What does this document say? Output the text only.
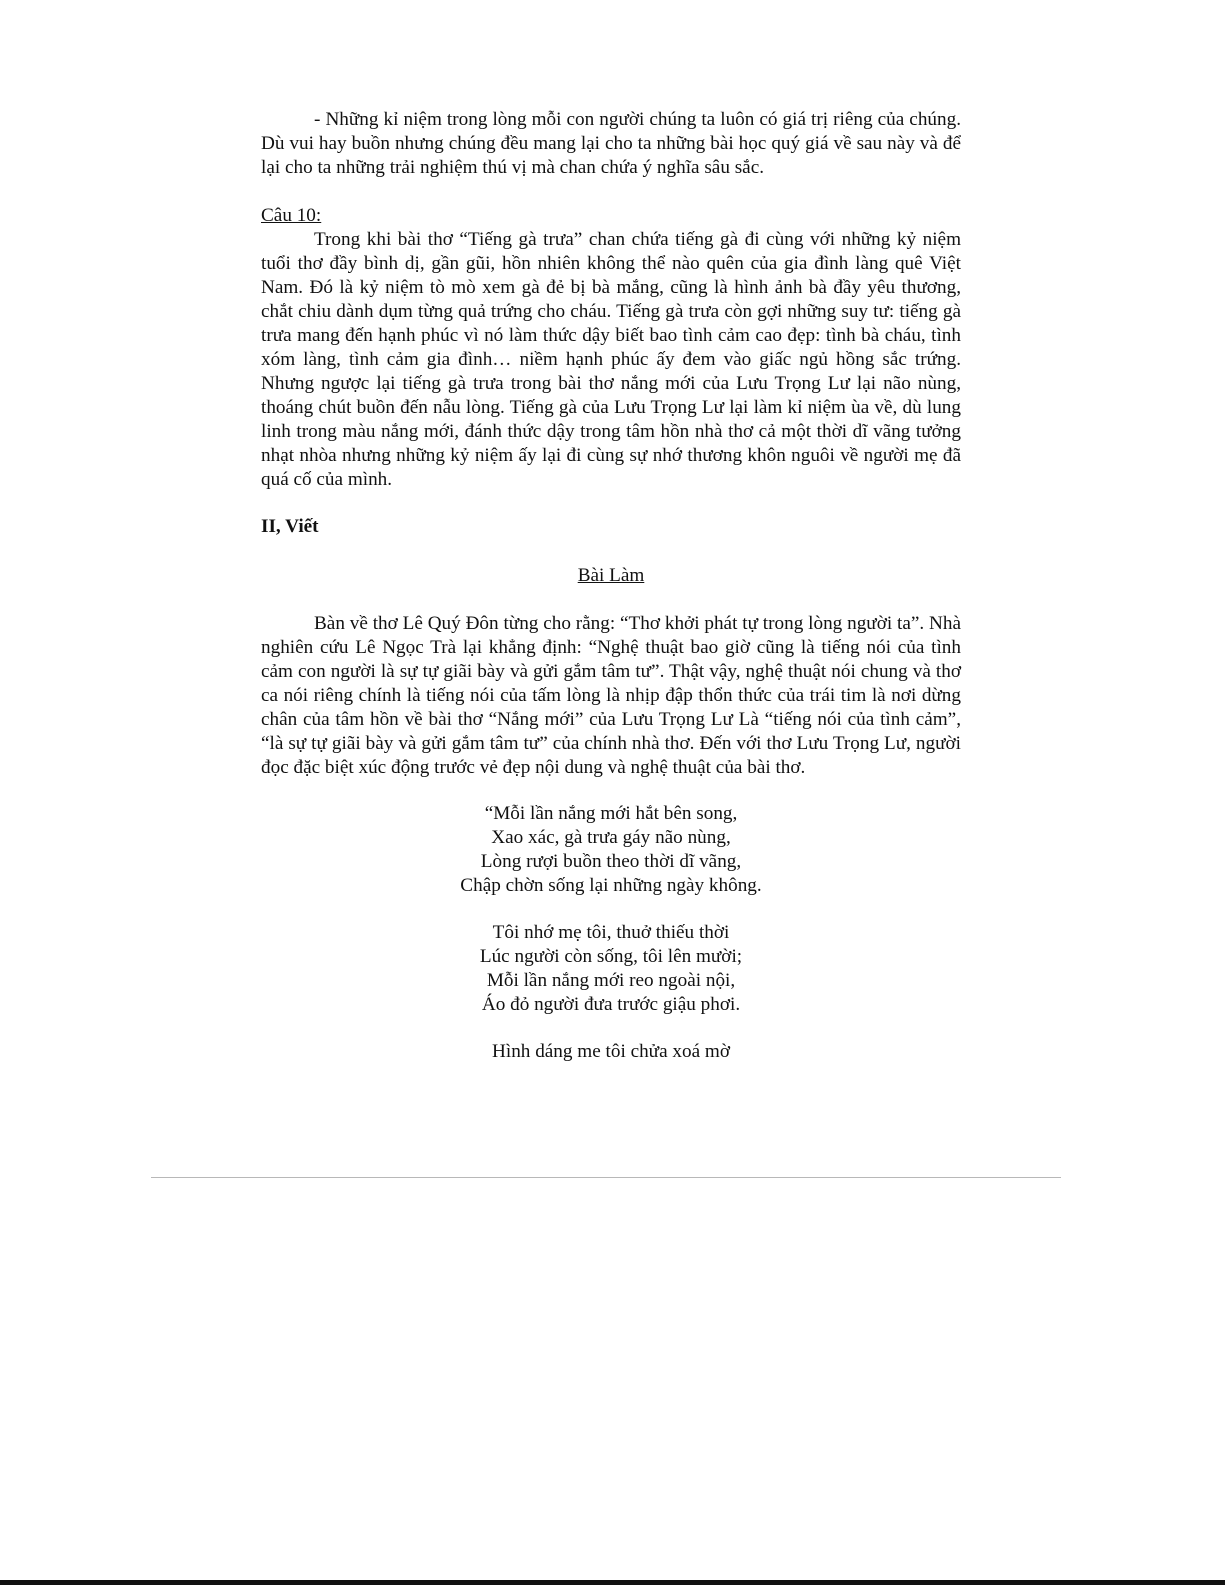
- Những kỉ niệm trong lòng mỗi con người chúng ta luôn có giá trị riêng của chúng. Dù vui hay buồn nhưng chúng đều mang lại cho ta những bài học quý giá về sau này và để lại cho ta những trải nghiệm thú vị mà chan chứa ý nghĩa sâu sắc.

Câu 10:

Trong khi bài thơ “Tiếng gà trưa” chan chứa tiếng gà đi cùng với những kỷ niệm tuổi thơ đầy bình dị, gần gũi, hồn nhiên không thể nào quên của gia đình làng quê Việt Nam. Đó là kỷ niệm tò mò xem gà đẻ bị bà mắng, cũng là hình ảnh bà đầy yêu thương, chắt chiu dành dụm từng quả trứng cho cháu. Tiếng gà trưa còn gợi những suy tư: tiếng gà trưa mang đến hạnh phúc vì nó làm thức dậy biết bao tình cảm cao đẹp: tình bà cháu, tình xóm làng, tình cảm gia đình… niềm hạnh phúc ấy đem vào giấc ngủ hồng sắc trứng. Nhưng ngược lại tiếng gà trưa trong bài thơ nắng mới của Lưu Trọng Lư lại não nùng, thoáng chút buồn đến nẫu lòng. Tiếng gà của Lưu Trọng Lư lại làm kỉ niệm ùa về, dù lung linh trong màu nắng mới, đánh thức dậy trong tâm hồn nhà thơ cả một thời dĩ vãng tưởng nhạt nhòa nhưng những kỷ niệm ấy lại đi cùng sự nhớ thương khôn nguôi về người mẹ đã quá cố của mình.

II, Viết

Bài Làm

Bàn về thơ Lê Quý Đôn từng cho rằng: “Thơ khởi phát tự trong lòng người ta”. Nhà nghiên cứu Lê Ngọc Trà lại khẳng định: “Nghệ thuật bao giờ cũng là tiếng nói của tình cảm con người là sự tự giãi bày và gửi gắm tâm tư”. Thật vậy, nghệ thuật nói chung và thơ ca nói riêng chính là tiếng nói của tấm lòng là nhịp đập thổn thức của trái tim là nơi dừng chân của tâm hồn về bài thơ “Nắng mới” của Lưu Trọng Lư Là “tiếng nói của tình cảm”, “là sự tự giãi bày và gửi gắm tâm tư” của chính nhà thơ. Đến với thơ Lưu Trọng Lư, người đọc đặc biệt xúc động trước vẻ đẹp nội dung và nghệ thuật của bài thơ.

“Mỗi lần nắng mới hắt bên song,
Xao xác, gà trưa gáy não nùng,
Lòng rượi buồn theo thời dĩ vãng,
Chập chờn sống lại những ngày không.
Tôi nhớ mẹ tôi, thuở thiếu thời
Lúc người còn sống, tôi lên mười;
Mỗi lần nắng mới reo ngoài nội,
Áo đỏ người đưa trước giậu phơi.
Hình dáng me tôi chửa xoá mờ
